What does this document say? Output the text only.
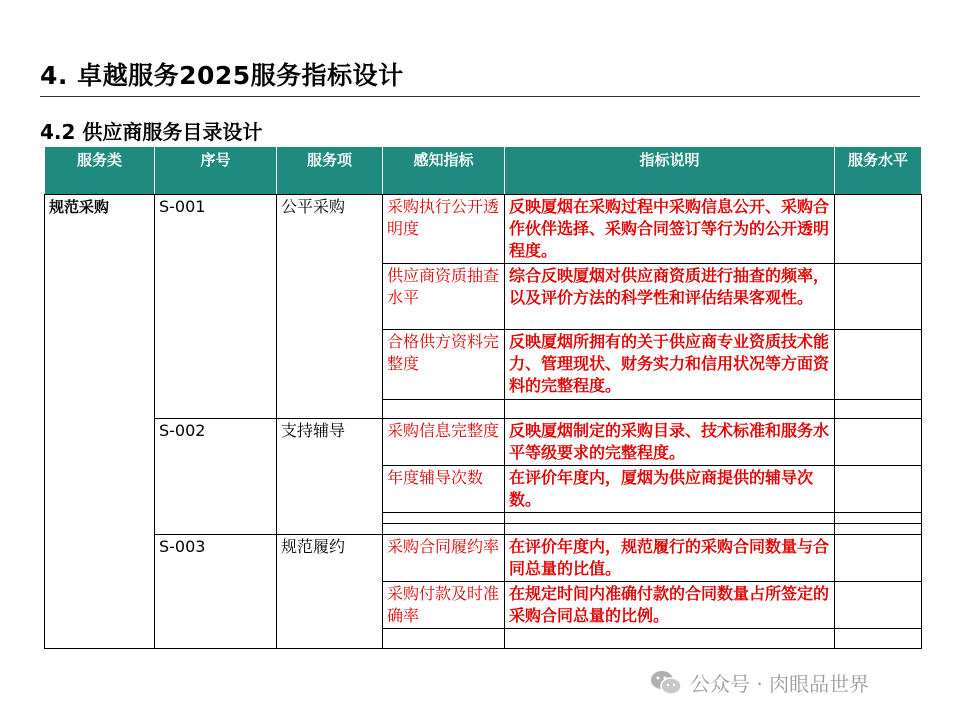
4. 卓越服务2025服务指标设计
4.2 供应商服务目录设计
服务类	序号	服务项	感知指标	指标说明	服务水平
规范采购	S-001	公平采购	采购执行公开透明度	反映厦烟在采购过程中采购信息公开、采购合作伙伴选择、采购合同签订等行为的公开透明程度。	
			供应商资质抽查水平	综合反映厦烟对供应商资质进行抽查的频率，以及评价方法的科学性和评估结果客观性。	
			合格供方资料完整度	反映厦烟所拥有的关于供应商专业资质技术能力、管理现状、财务实力和信用状况等方面资料的完整程度。	

	S-002	支持辅导	采购信息完整度	反映厦烟制定的采购目录、技术标准和服务水平等级要求的完整程度。	
			年度辅导次数	在评价年度内，厦烟为供应商提供的辅导次数。	

	S-003	规范履约	采购合同履约率	在评价年度内，规范履行的采购合同数量与合同总量的比值。	
			采购付款及时准确率	在规定时间内准确付款的合同数量占所签定的采购合同总量的比例。	

公众号 · 肉眼品世界
